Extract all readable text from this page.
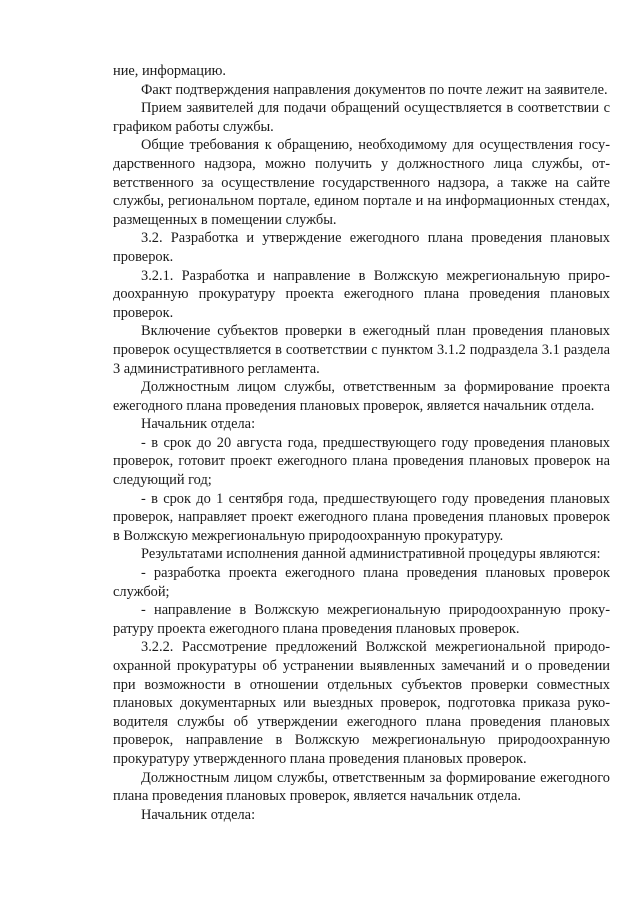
ние, информацию.

Факт подтверждения направления документов по почте лежит на заявителе.

Прием заявителей для подачи обращений осуществляется в соответствии с графиком работы службы.

Общие требования к обращению, необходимому для осуществления государственного надзора, можно получить у должностного лица службы, ответственного за осуществление государственного надзора, а также на сайте службы, региональном портале, едином портале и на информационных стендах, размещенных в помещении службы.

3.2. Разработка и утверждение ежегодного плана проведения плановых проверок.

3.2.1. Разработка и направление в Волжскую межрегиональную природоохранную прокуратуру проекта ежегодного плана проведения плановых проверок.

Включение субъектов проверки в ежегодный план проведения плановых проверок осуществляется в соответствии с пунктом 3.1.2 подраздела 3.1 раздела 3 административного регламента.

Должностным лицом службы, ответственным за формирование проекта ежегодного плана проведения плановых проверок, является начальник отдела.

Начальник отдела:

- в срок до 20 августа года, предшествующего году проведения плановых проверок, готовит проект ежегодного плана проведения плановых проверок на следующий год;

- в срок до 1 сентября года, предшествующего году проведения плановых проверок, направляет проект ежегодного плана проведения плановых проверок в Волжскую межрегиональную природоохранную прокуратуру.

Результатами исполнения данной административной процедуры являются:

- разработка проекта ежегодного плана проведения плановых проверок службой;

- направление в Волжскую межрегиональную природоохранную прокуратуру проекта ежегодного плана проведения плановых проверок.

3.2.2. Рассмотрение предложений Волжской межрегиональной природоохранной прокуратуры об устранении выявленных замечаний и о проведении при возможности в отношении отдельных субъектов проверки совместных плановых документарных или выездных проверок, подготовка приказа руководителя службы об утверждении ежегодного плана проведения плановых проверок, направление в Волжскую межрегиональную природоохранную прокуратуру утвержденного плана проведения плановых проверок.

Должностным лицом службы, ответственным за формирование ежегодного плана проведения плановых проверок, является начальник отдела.

Начальник отдела:
